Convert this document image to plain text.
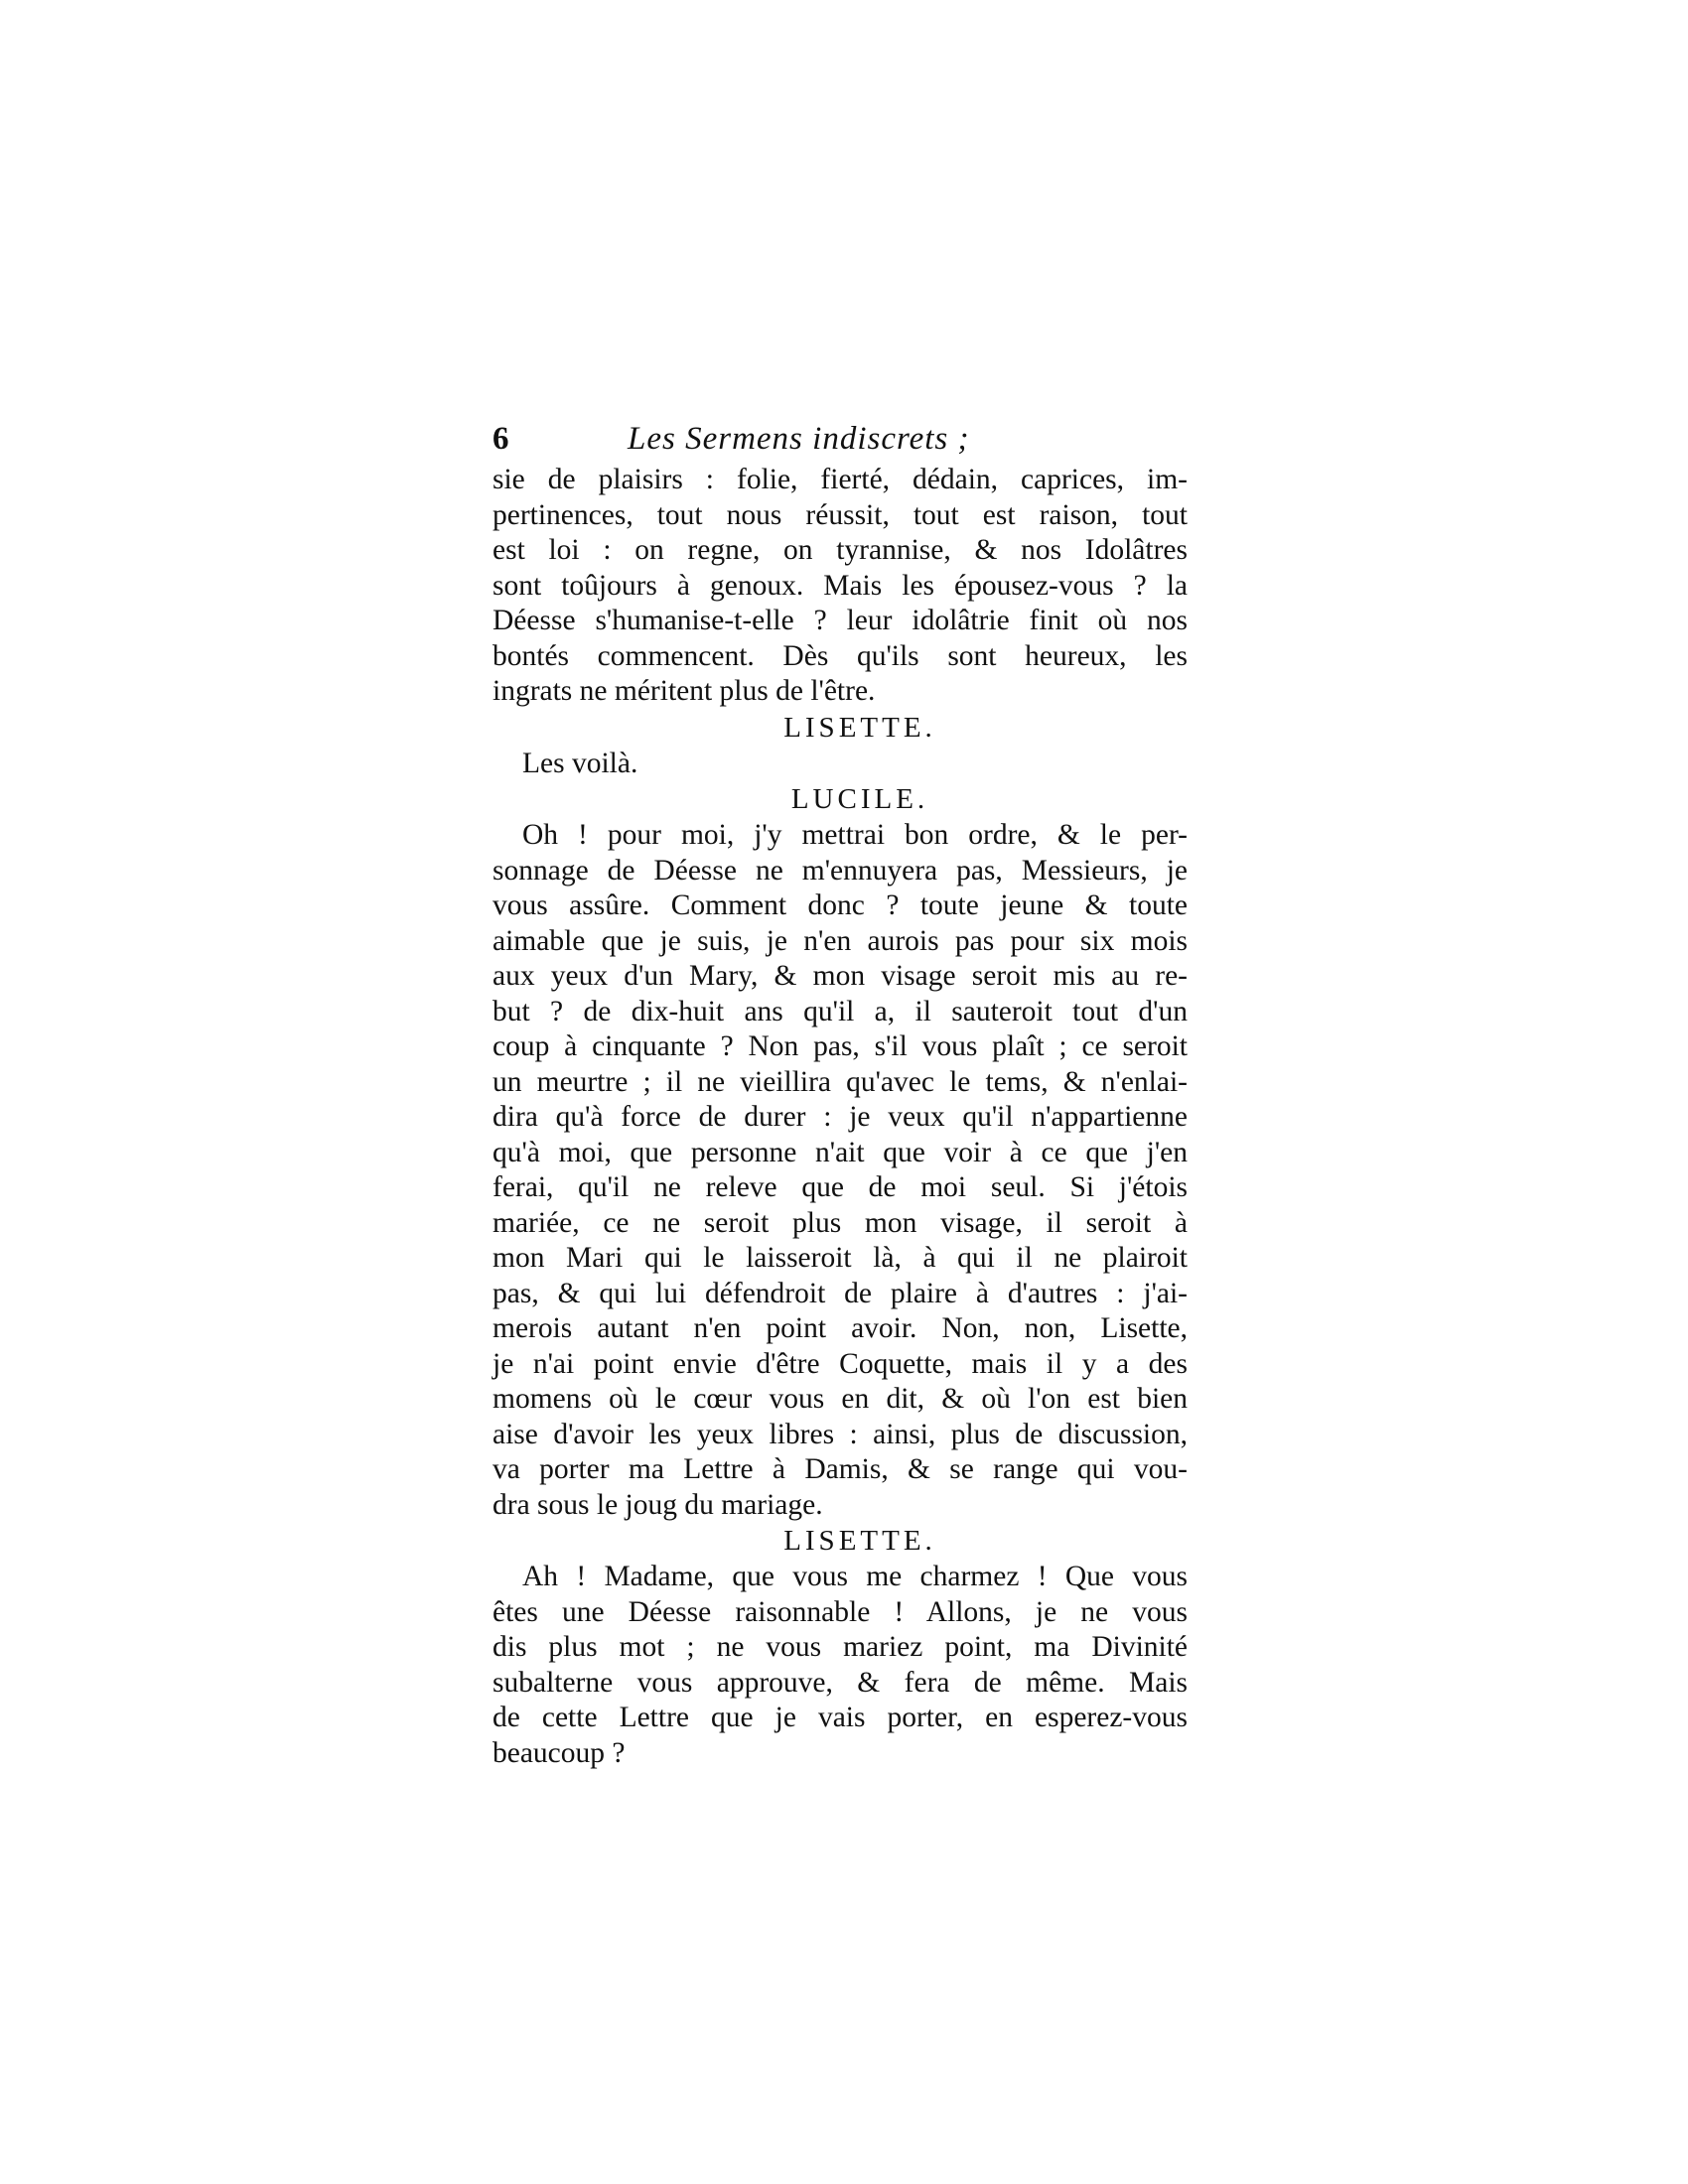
6	Les Sermens indiscrets ;
sie de plaisirs : folie, fierté, dédain, caprices, im-
pertinences, tout nous réussit, tout est raison, tout
est loi : on regne, on tyrannise, & nos Idolâtres
sont toûjours à genoux. Mais les épousez-vous ? la
Déesse s'humanise-t-elle ? leur idolâtrie finit où nos
bontés commencent. Dès qu'ils sont heureux, les
ingrats ne méritent plus de l'être.
LISETTE.
Les voilà.
LUCILE.
Oh ! pour moi, j'y mettrai bon ordre, & le per-
sonnage de Déesse ne m'ennuyera pas, Messieurs, je
vous assûre. Comment donc ? toute jeune & toute
aimable que je suis, je n'en aurois pas pour six mois
aux yeux d'un Mary, & mon visage seroit mis au re-
but ? de dix-huit ans qu'il a, il sauteroit tout d'un
coup à cinquante ? Non pas, s'il vous plaît ; ce seroit
un meurtre ; il ne vieillira qu'avec le tems, & n'enlai-
dira qu'à force de durer : je veux qu'il n'appartienne
qu'à moi, que personne n'ait que voir à ce que j'en
ferai, qu'il ne releve que de moi seul. Si j'étois
mariée, ce ne seroit plus mon visage, il seroit à
mon Mari qui le laisseroit là, à qui il ne plairoit
pas, & qui lui défendroit de plaire à d'autres : j'ai-
merois autant n'en point avoir. Non, non, Lisette,
je n'ai point envie d'être Coquette, mais il y a des
momens où le cœur vous en dit, & où l'on est bien
aise d'avoir les yeux libres : ainsi, plus de discussion,
va porter ma Lettre à Damis, & se range qui vou-
dra sous le joug du mariage.
LISETTE.
Ah ! Madame, que vous me charmez ! Que vous
êtes une Déesse raisonnable ! Allons, je ne vous
dis plus mot ; ne vous mariez point, ma Divinité
subalterne vous approuve, & fera de même. Mais
de cette Lettre que je vais porter, en esperez-vous
beaucoup ?
